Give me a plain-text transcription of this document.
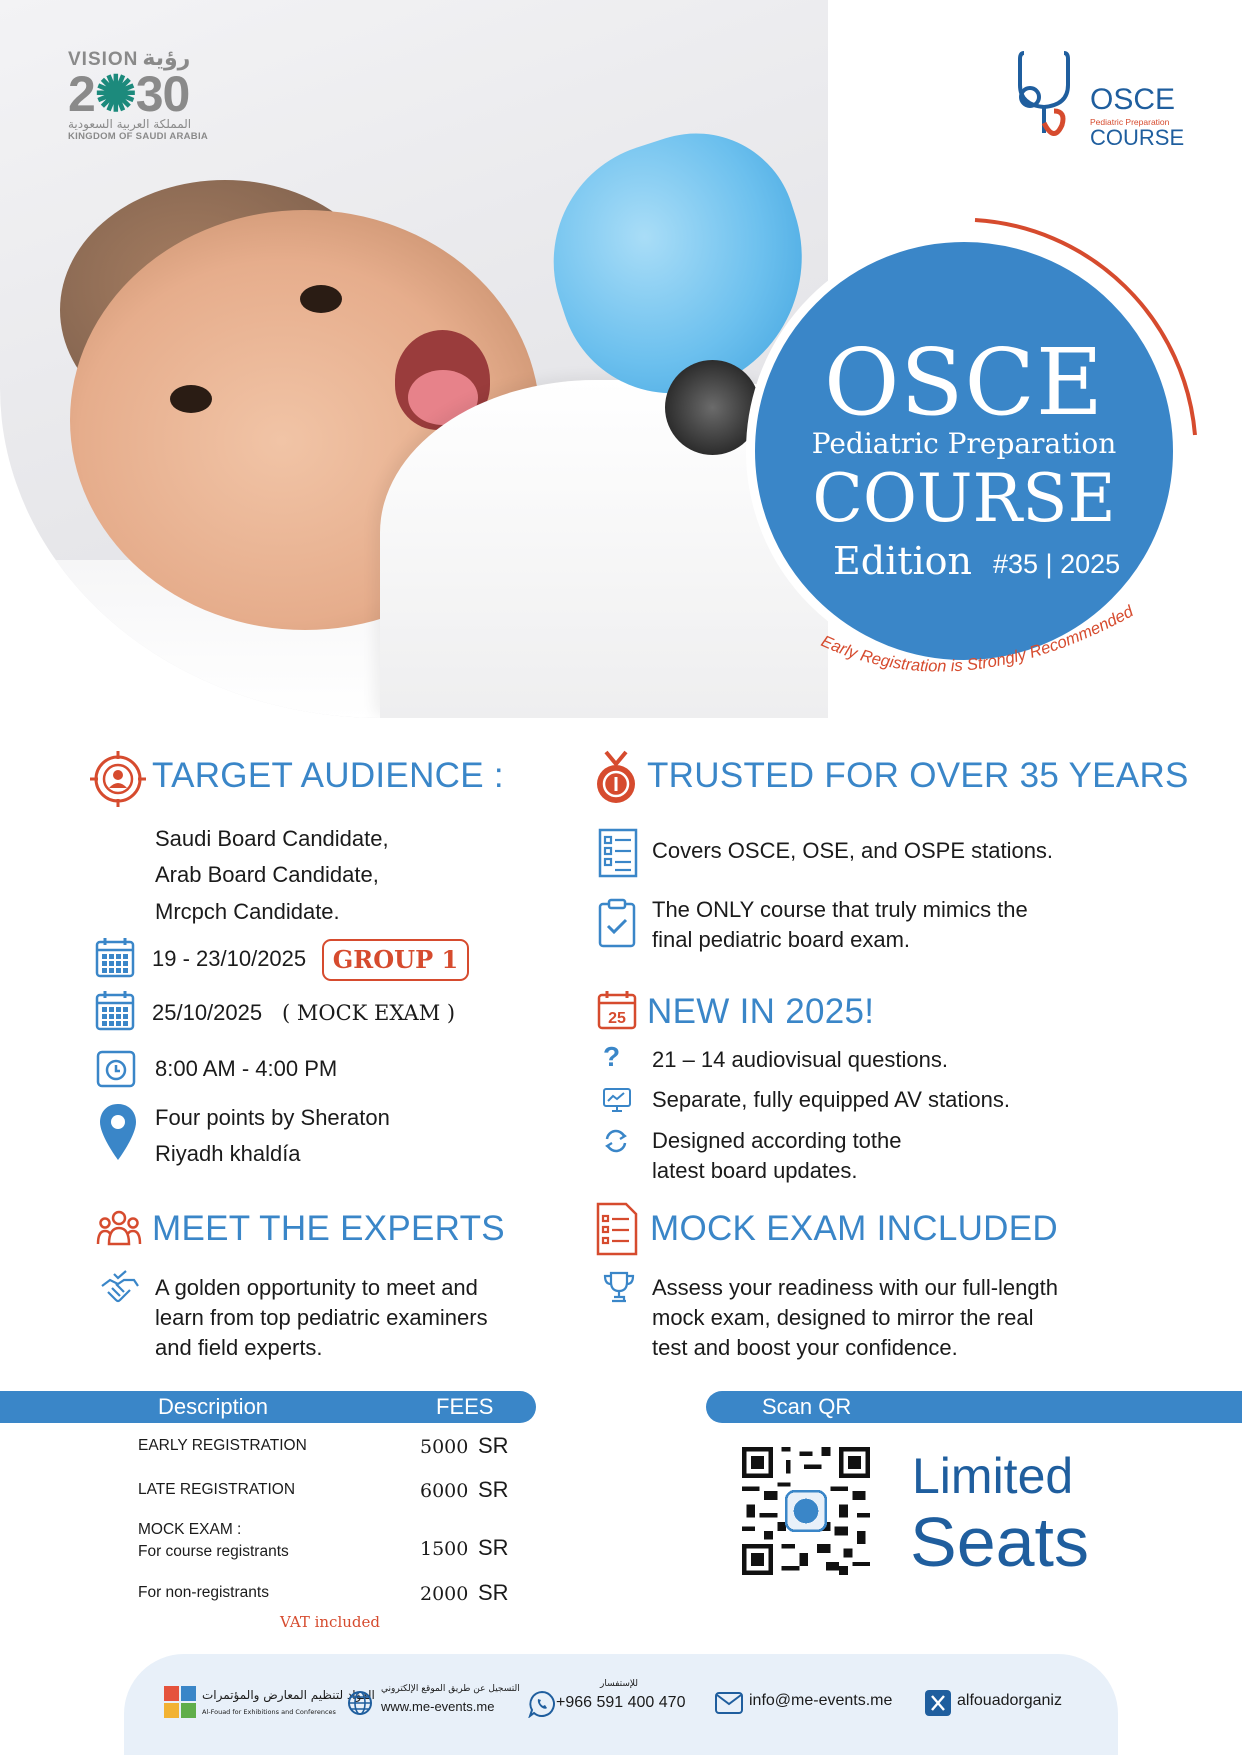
VISION رؤية
2✺30
المملكة العربية السعودية
KINGDOM OF SAUDI ARABIA
OSCE
Pediatric Preparation
COURSE
OSCE
Pediatric Preparation
COURSE
Edition #35 | 2025
Early Registration is Strongly Recommended
TARGET AUDIENCE :
Saudi Board Candidate,
Arab Board Candidate,
Mrcpch Candidate.
19 - 23/10/2025	GROUP 1
25/10/2025 ( MOCK EXAM )
8:00 AM - 4:00 PM
Four points by Sheraton
Riyadh khaldía
MEET THE EXPERTS
A golden opportunity to meet and
learn from top pediatric examiners
and field experts.
TRUSTED FOR OVER 35 YEARS
Covers OSCE, OSE, and OSPE stations.
The ONLY course that truly mimics the
final pediatric board exam.
25 NEW IN 2025!
? 21 – 14 audiovisual questions.
Separate, fully equipped AV stations.
Designed according tothe
latest board updates.
MOCK EXAM INCLUDED
Assess your readiness with our full-length
mock exam, designed to mirror the real
test and boost your confidence.
Description	FEES
EARLY REGISTRATION	5000 SR
LATE REGISTRATION	6000 SR
MOCK EXAM :
For course registrants	1500 SR
For non-registrants	2000 SR
VAT included
Scan QR
Limited
Seats
الفؤاد لتنظيم المعارض والمؤتمرات
Al-Fouad for Exhibitions and Conferences
التسجيل عن طريق الموقع الإلكتروني
www.me-events.me
للإستفسار
+966 591 400 470	info@me-events.me	alfouadorganiz
